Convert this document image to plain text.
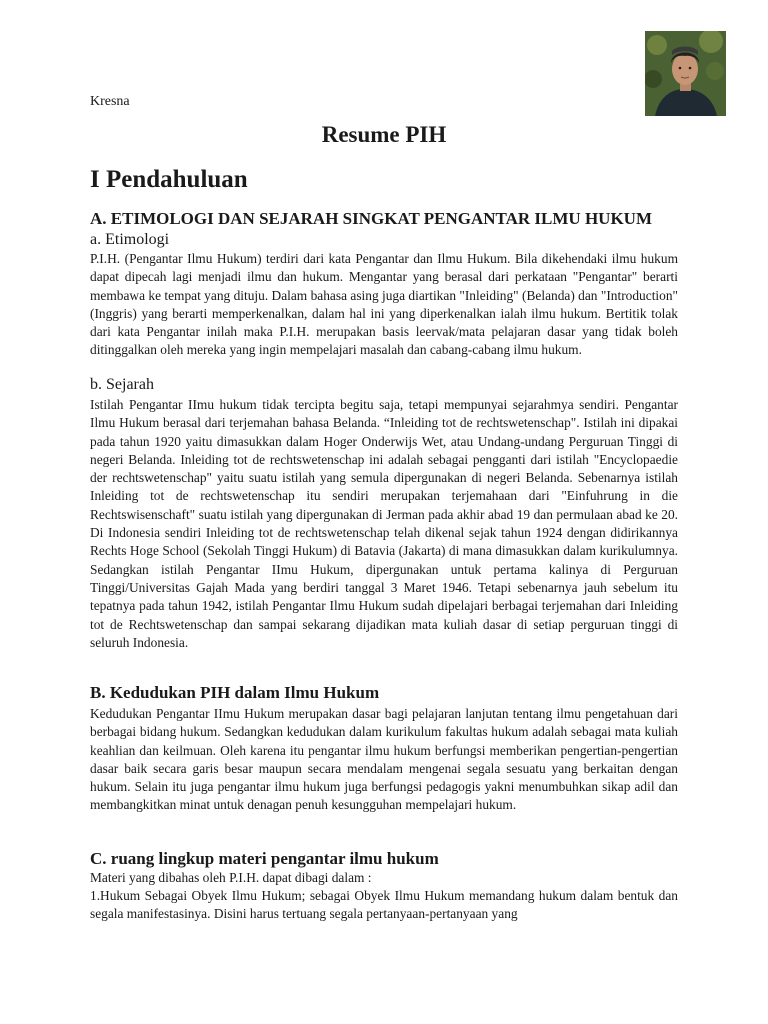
Kresna
Resume PIH
I Pendahuluan
A. ETIMOLOGI DAN SEJARAH SINGKAT PENGANTAR ILMU HUKUM
a. Etimologi
P.I.H. (Pengantar Ilmu Hukum) terdiri dari kata Pengantar dan Ilmu Hukum. Bila dikehendaki ilmu hukum dapat dipecah lagi menjadi ilmu dan hukum. Mengantar yang berasal dari perkataan "Pengantar" berarti membawa ke tempat yang dituju. Dalam bahasa asing juga diartikan "Inleiding" (Belanda) dan "Introduction" (Inggris) yang berarti memperkenalkan, dalam hal ini yang diperkenalkan ialah ilmu hukum. Bertitik tolak dari kata Pengantar inilah maka P.I.H. merupakan basis leervak/mata pelajaran dasar yang tidak boleh ditinggalkan oleh mereka yang ingin mempelajari masalah dan cabang-cabang ilmu hukum.
b. Sejarah
Istilah Pengantar IImu hukum tidak tercipta begitu saja, tetapi mempunyai sejarahmya sendiri. Pengantar Ilmu Hukum berasal dari terjemahan bahasa Belanda. “Inleiding tot de rechtswetenschap". Istilah ini dipakai pada tahun 1920 yaitu dimasukkan dalam Hoger Onderwijs Wet, atau Undang-undang Perguruan Tinggi di negeri Belanda. Inleiding tot de rechtswetenschap ini adalah sebagai pengganti dari istilah "Encyclopaedie der rechtswetenschap" yaitu suatu istilah yang semula dipergunakan di negeri Belanda. Sebenarnya istilah Inleiding tot de rechtswetenschap itu sendiri merupakan terjemahaan dari "Einfuhrung in die Rechtswisenschaft" suatu istilah yang dipergunakan di Jerman pada akhir abad 19 dan permulaan abad ke 20. Di Indonesia sendiri Inleiding tot de rechtswetenschap telah dikenal sejak tahun 1924 dengan didirikannya Rechts Hoge School (Sekolah Tinggi Hukum) di Batavia (Jakarta) di mana dimasukkan dalam kurikulumnya. Sedangkan istilah Pengantar IImu Hukum, dipergunakan untuk pertama kalinya di Perguruan Tinggi/Universitas Gajah Mada yang berdiri tanggal 3 Maret 1946. Tetapi sebenarnya jauh sebelum itu tepatnya pada tahun 1942, istilah Pengantar Ilmu Hukum sudah dipelajari berbagai terjemahan dari Inleiding tot de Rechtswetenschap dan sampai sekarang dijadikan mata kuliah dasar di setiap perguruan tinggi di seluruh Indonesia.
B. Kedudukan PIH dalam Ilmu Hukum
Kedudukan Pengantar IImu Hukum merupakan dasar bagi pelajaran lanjutan tentang ilmu pengetahuan dari berbagai bidang hukum. Sedangkan kedudukan dalam kurikulum fakultas hukum adalah sebagai mata kuliah keahlian dan keilmuan. Oleh karena itu pengantar ilmu hukum berfungsi memberikan pengertian-pengertian dasar baik secara garis besar maupun secara mendalam mengenai segala sesuatu yang berkaitan dengan hukum. Selain itu juga pengantar ilmu hukum juga berfungsi pedagogis yakni menumbuhkan sikap adil dan membangkitkan minat untuk denagan penuh kesungguhan mempelajari hukum.
C. ruang lingkup materi pengantar ilmu hukum
Materi yang dibahas oleh P.I.H. dapat dibagi dalam :
1.Hukum Sebagai Obyek Ilmu Hukum; sebagai Obyek Ilmu Hukum memandang hukum dalam bentuk dan segala manifestasinya. Disini harus tertuang segala pertanyaan-pertanyaan yang
